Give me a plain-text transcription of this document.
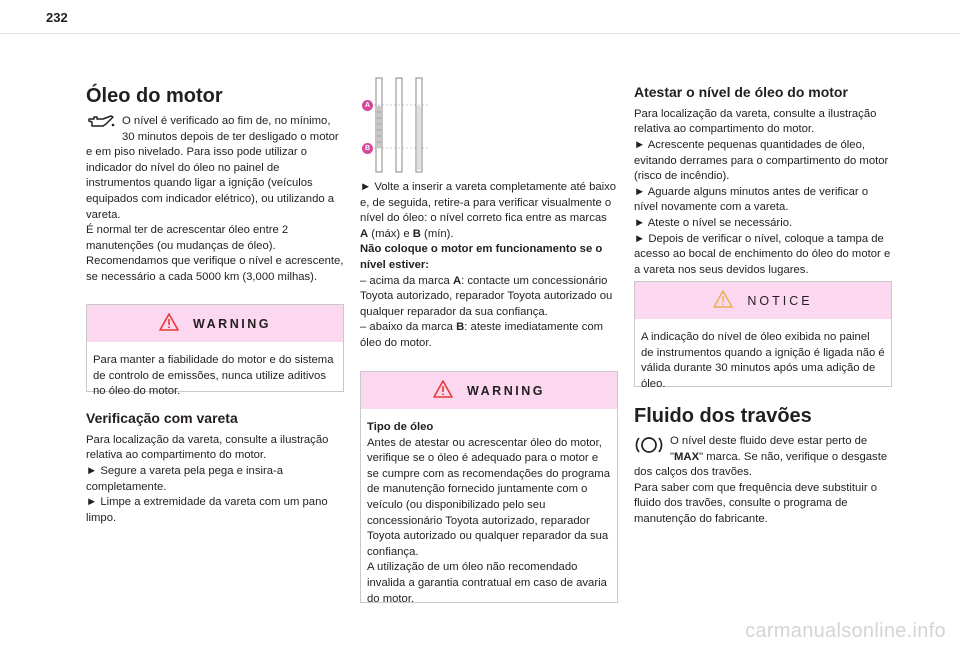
232
Óleo do motor

O nível é verificado ao fim de, no mínimo, 30 minutos depois de ter desligado o motor e em piso nivelado. Para isso pode utilizar o indicador do nível do óleo no painel de instrumentos quando ligar a ignição (veículos equipados com indicador elétrico), ou utilizando a vareta.

É normal ter de acrescentar óleo entre 2 manutenções (ou mudanças de óleo). Recomendamos que verifique o nível e acrescente, se necessário a cada 5000 km (3,000 milhas).

WARNING

Para manter a fiabilidade do motor e do sistema de controlo de emissões, nunca utilize aditivos no óleo do motor.

Verificação com vareta

Para localização da vareta, consulte a ilustração relativa ao compartimento do motor.

► Segure a vareta pela pega e insira-a completamente.

► Limpe a extremidade da vareta com um pano limpo.

A
B

► Volte a inserir a vareta completamente até baixo e, de seguida, retire-a para verificar visualmente o nível do óleo: o nível correto fica entre as marcas A (máx) e B (mín).

Não coloque o motor em funcionamento se o nível estiver:

– acima da marca A: contacte um concessionário Toyota autorizado, reparador Toyota autorizado ou qualquer reparador da sua confiança.

– abaixo da marca B: ateste imediatamente com óleo do motor.

WARNING

Tipo de óleo

Antes de atestar ou acrescentar óleo do motor, verifique se o óleo é adequado para o motor e se cumpre com as recomendações do programa de manutenção fornecido juntamente com o veículo (ou disponibilizado pelo seu concessionário Toyota autorizado, reparador Toyota autorizado ou qualquer reparador da sua confiança.

A utilização de um óleo não recomendado invalida a garantia contratual em caso de avaria do motor.

Atestar o nível de óleo do motor

Para localização da vareta, consulte a ilustração relativa ao compartimento do motor.

► Acrescente pequenas quantidades de óleo, evitando derrames para o compartimento do motor (risco de incêndio).

► Aguarde alguns minutos antes de verificar o nível novamente com a vareta.

► Ateste o nível se necessário.

► Depois de verificar o nível, coloque a tampa de acesso ao bocal de enchimento do óleo do motor e a vareta nos seus devidos lugares.

NOTICE

A indicação do nível de óleo exibida no painel de instrumentos quando a ignição é ligada não é válida durante 30 minutos após uma adição de óleo.

Fluido dos travões

O nível deste fluido deve estar perto de "MAX" marca. Se não, verifique o desgaste dos calços dos travões.

Para saber com que frequência deve substituir o fluido dos travões, consulte o programa de manutenção do fabricante.

carmanualsonline.info
